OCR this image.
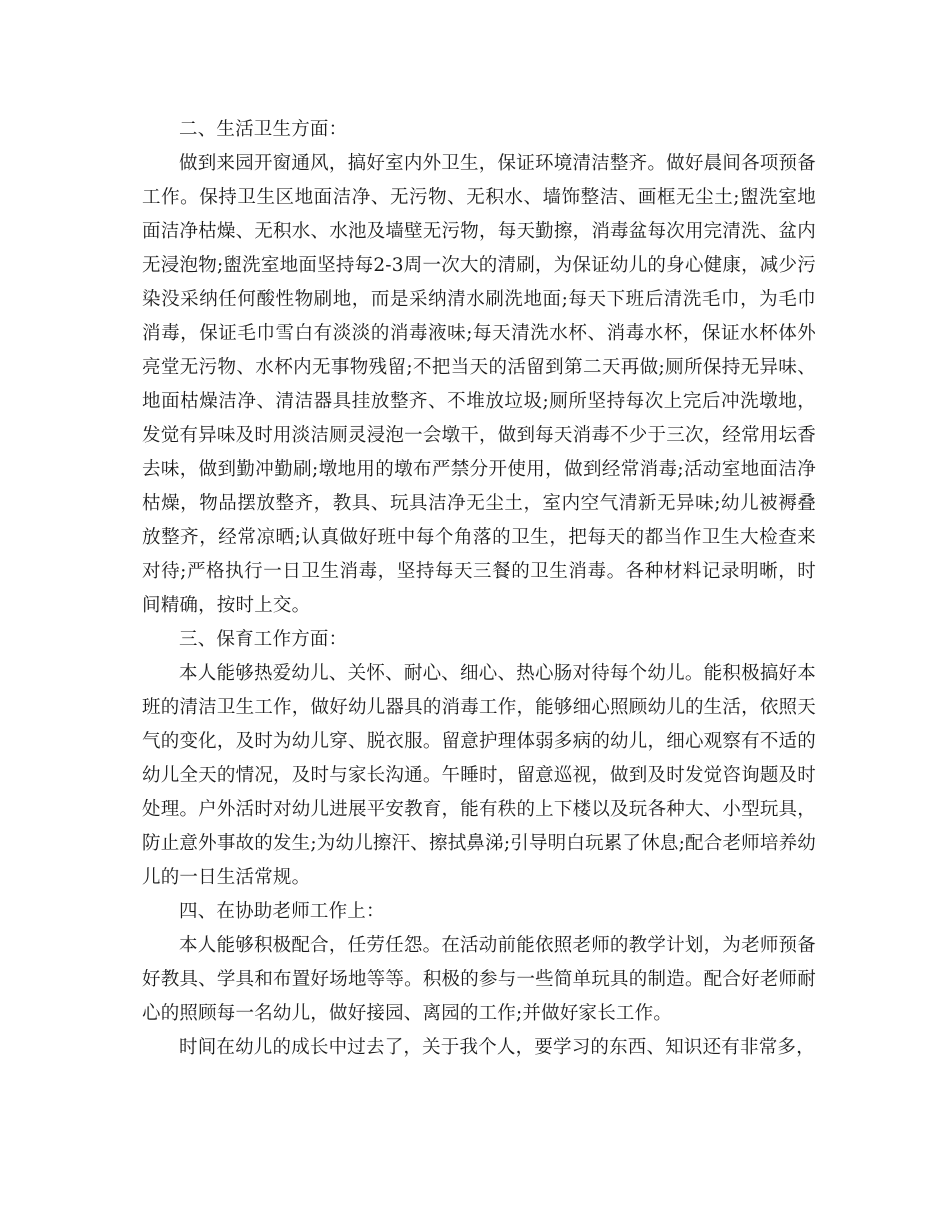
二、生活卫生方面：

做到来园开窗通风，搞好室内外卫生，保证环境清洁整齐。做好晨间各项预备工作。保持卫生区地面洁净、无污物、无积水、墙饰整洁、画框无尘土;盥洗室地面洁净枯燥、无积水、水池及墙壁无污物，每天勤擦，消毒盆每次用完清洗、盆内无浸泡物;盥洗室地面坚持每2-3周一次大的清刷，为保证幼儿的身心健康，减少污染没采纳任何酸性物刷地，而是采纳清水刷洗地面;每天下班后清洗毛巾，为毛巾消毒，保证毛巾雪白有淡淡的消毒液味;每天清洗水杯、消毒水杯，保证水杯体外亮堂无污物、水杯内无事物残留;不把当天的活留到第二天再做;厕所保持无异味、地面枯燥洁净、清洁器具挂放整齐、不堆放垃圾;厕所坚持每次上完后冲洗墩地，发觉有异味及时用淡洁厕灵浸泡一会墩干，做到每天消毒不少于三次，经常用坛香去味，做到勤冲勤刷;墩地用的墩布严禁分开使用，做到经常消毒;活动室地面洁净枯燥，物品摆放整齐，教具、玩具洁净无尘土，室内空气清新无异味;幼儿被褥叠放整齐，经常凉晒;认真做好班中每个角落的卫生，把每天的都当作卫生大检查来对待;严格执行一日卫生消毒，坚持每天三餐的卫生消毒。各种材料记录明晰，时间精确，按时上交。

三、保育工作方面：

本人能够热爱幼儿、关怀、耐心、细心、热心肠对待每个幼儿。能积极搞好本班的清洁卫生工作，做好幼儿器具的消毒工作，能够细心照顾幼儿的生活，依照天气的变化，及时为幼儿穿、脱衣服。留意护理体弱多病的幼儿，细心观察有不适的幼儿全天的情况，及时与家长沟通。午睡时，留意巡视，做到及时发觉咨询题及时处理。户外活时对幼儿进展平安教育，能有秩的上下楼以及玩各种大、小型玩具，防止意外事故的发生;为幼儿擦汗、擦拭鼻涕;引导明白玩累了休息;配合老师培养幼儿的一日生活常规。

四、在协助老师工作上：

本人能够积极配合，任劳任怨。在活动前能依照老师的教学计划，为老师预备好教具、学具和布置好场地等等。积极的参与一些简单玩具的制造。配合好老师耐心的照顾每一名幼儿，做好接园、离园的工作;并做好家长工作。

时间在幼儿的成长中过去了，关于我个人，要学习的东西、知识还有非常多，
